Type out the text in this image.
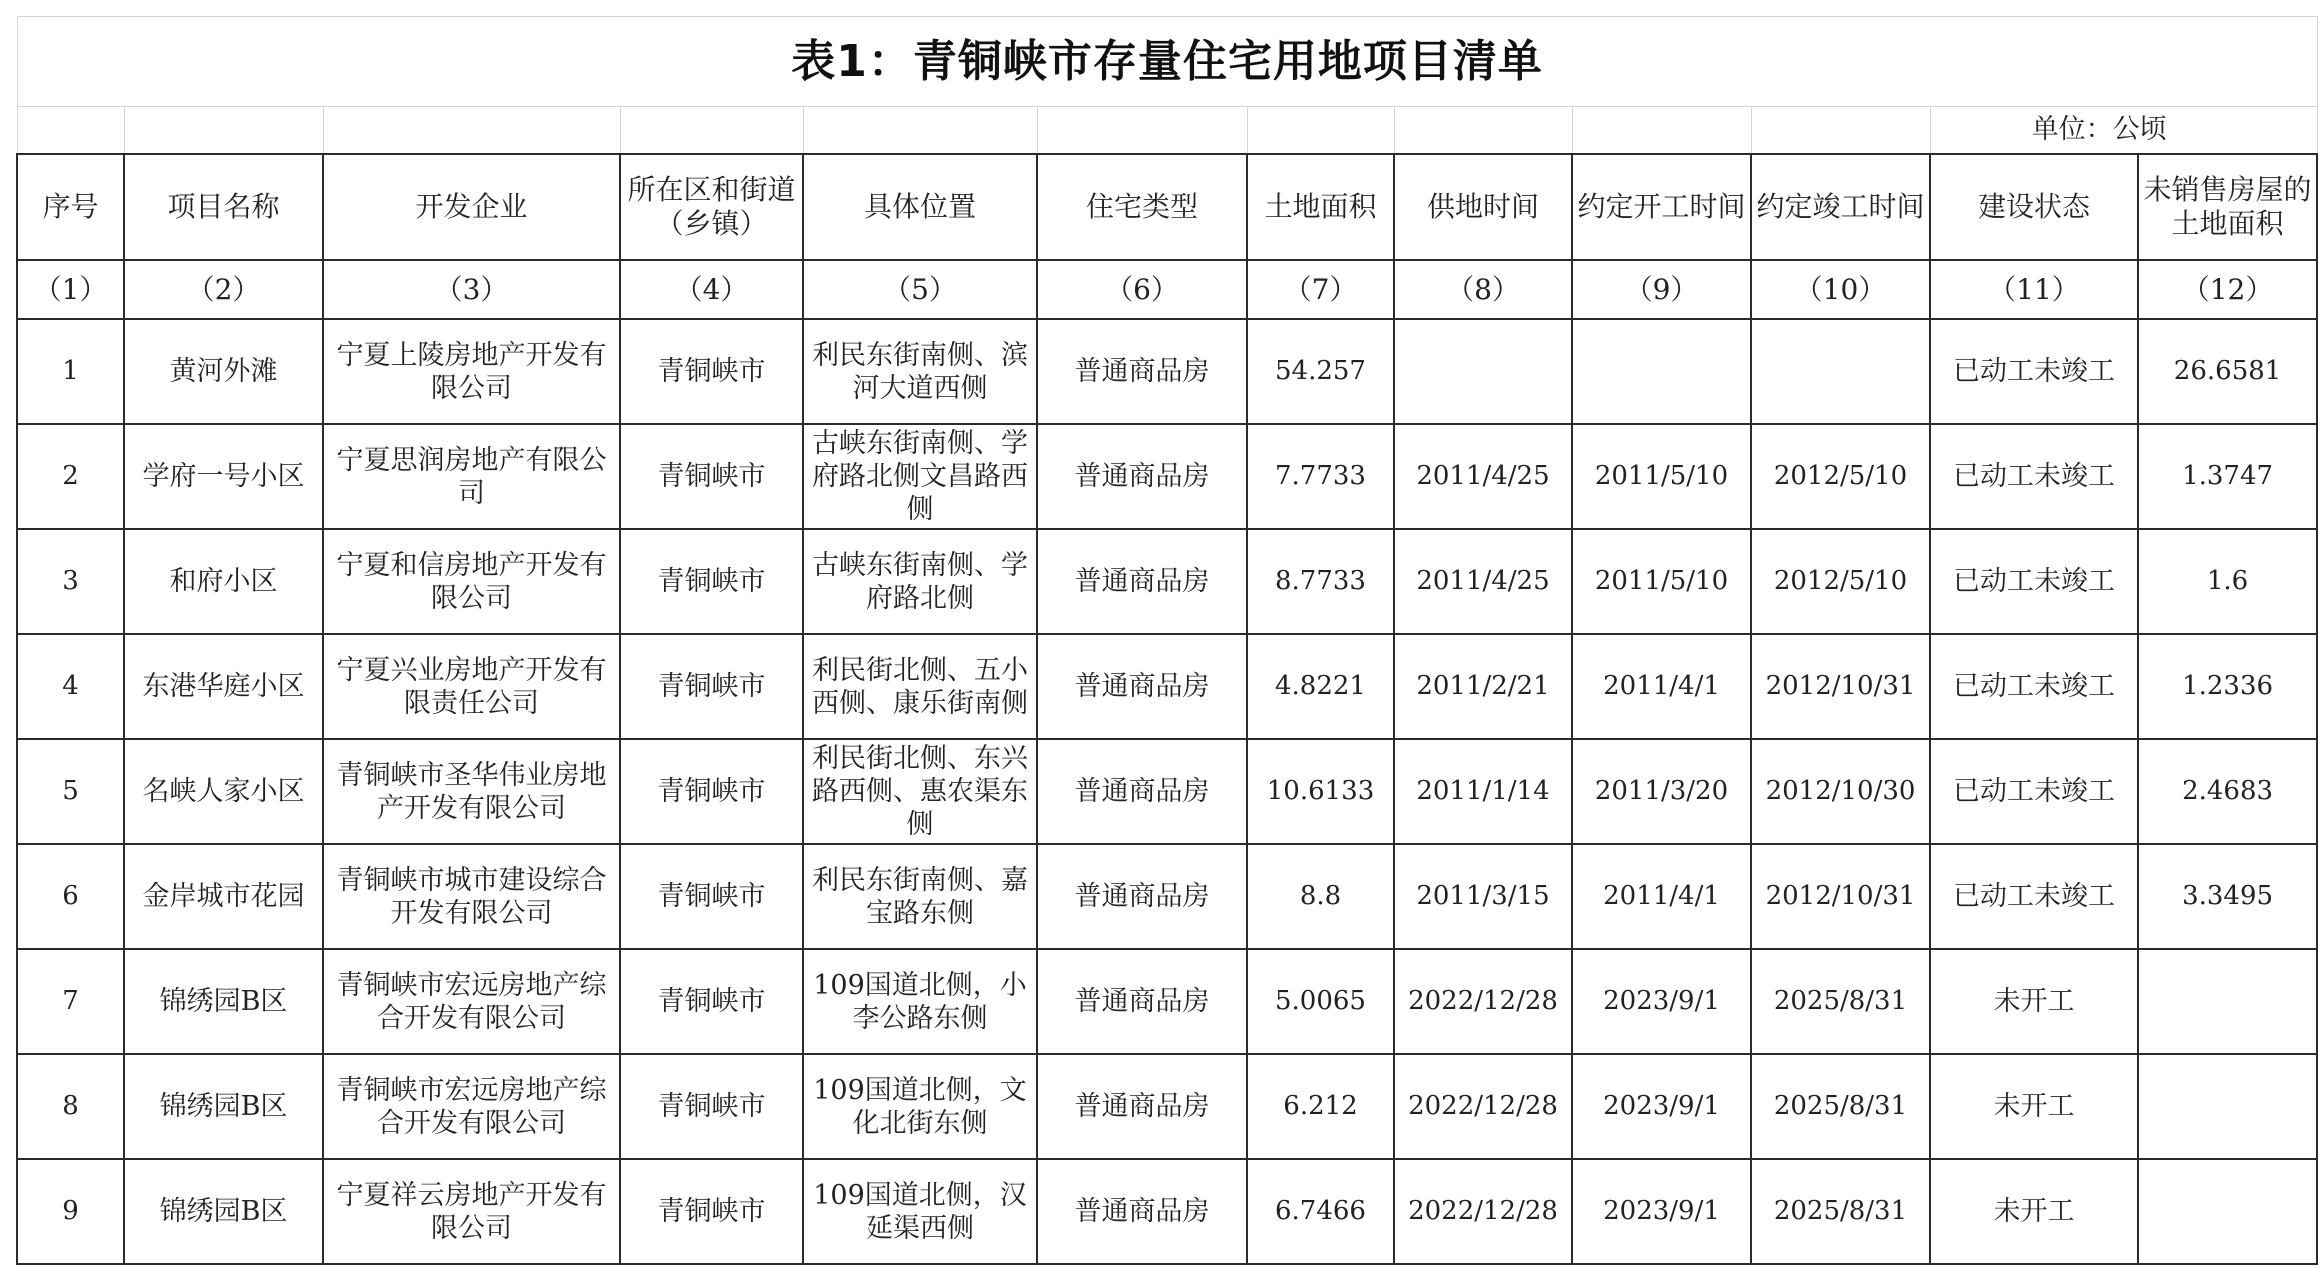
表1：青铜峡市存量住宅用地项目清单											
										单位：公顷	
序号	项目名称	开发企业	所在区和街道（乡镇）	具体位置	住宅类型	土地面积	供地时间	约定开工时间	约定竣工时间	建设状态	未销售房屋的土地面积
（1）	（2）	（3）	（4）	（5）	（6）	（7）	（8）	（9）	（10）	（11）	（12）
1	黄河外滩	宁夏上陵房地产开发有限公司	青铜峡市	利民东街南侧、滨河大道西侧	普通商品房	54.257				已动工未竣工	26.6581
2	学府一号小区	宁夏思润房地产有限公司	青铜峡市	古峡东街南侧、学府路北侧文昌路西侧	普通商品房	7.7733	2011/4/25	2011/5/10	2012/5/10	已动工未竣工	1.3747
3	和府小区	宁夏和信房地产开发有限公司	青铜峡市	古峡东街南侧、学府路北侧	普通商品房	8.7733	2011/4/25	2011/5/10	2012/5/10	已动工未竣工	1.6
4	东港华庭小区	宁夏兴业房地产开发有限责任公司	青铜峡市	利民街北侧、五小西侧、康乐街南侧	普通商品房	4.8221	2011/2/21	2011/4/1	2012/10/31	已动工未竣工	1.2336
5	名峡人家小区	青铜峡市圣华伟业房地产开发有限公司	青铜峡市	利民街北侧、东兴路西侧、惠农渠东侧	普通商品房	10.6133	2011/1/14	2011/3/20	2012/10/30	已动工未竣工	2.4683
6	金岸城市花园	青铜峡市城市建设综合开发有限公司	青铜峡市	利民东街南侧、嘉宝路东侧	普通商品房	8.8	2011/3/15	2011/4/1	2012/10/31	已动工未竣工	3.3495
7	锦绣园B区	青铜峡市宏远房地产综合开发有限公司	青铜峡市	109国道北侧，小李公路东侧	普通商品房	5.0065	2022/12/28	2023/9/1	2025/8/31	未开工	
8	锦绣园B区	青铜峡市宏远房地产综合开发有限公司	青铜峡市	109国道北侧，文化北街东侧	普通商品房	6.212	2022/12/28	2023/9/1	2025/8/31	未开工	
9	锦绣园B区	宁夏祥云房地产开发有限公司	青铜峡市	109国道北侧，汉延渠西侧	普通商品房	6.7466	2022/12/28	2023/9/1	2025/8/31	未开工	
